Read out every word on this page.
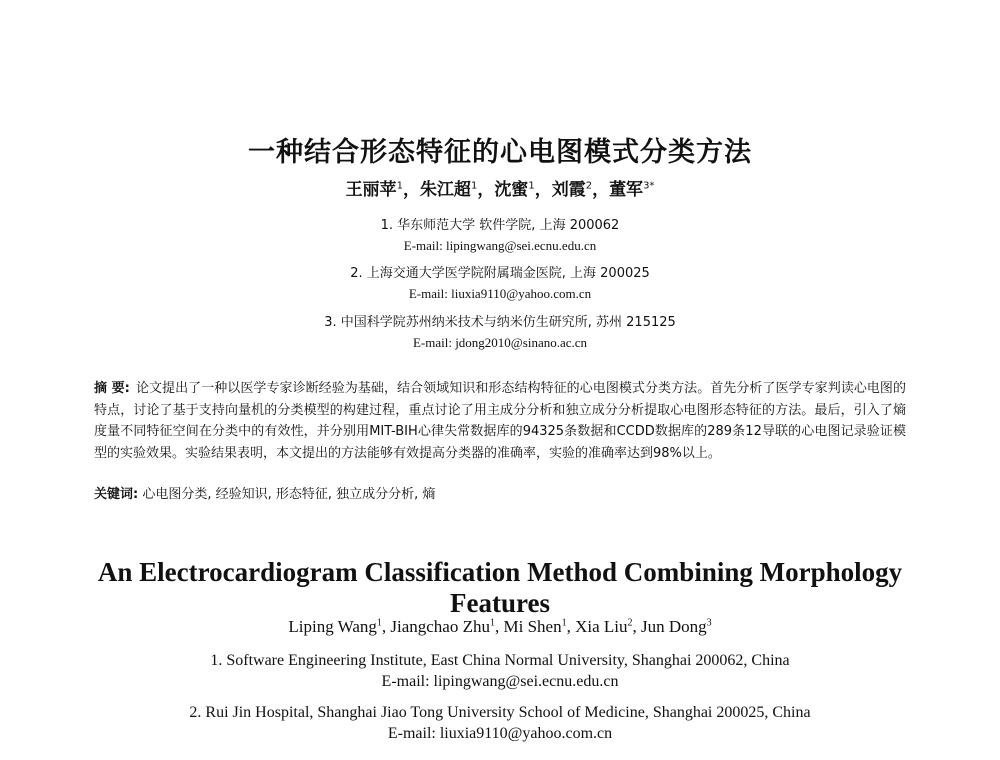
一种结合形态特征的心电图模式分类方法
王丽苹$^1$，朱江超$^1$，沈蜜$^1$，刘霞$^2$，董军$^{3*}$
1. 华东师范大学 软件学院, 上海 200062
E-mail: lipingwang@sei.ecnu.edu.cn
2. 上海交通大学医学院附属瑞金医院, 上海 200025
E-mail: liuxia9110@yahoo.com.cn
3. 中国科学院苏州纳米技术与纳米仿生研究所, 苏州 215125
E-mail: jdong2010@sinano.ac.cn
摘 要: 论文提出了一种以医学专家诊断经验为基础，结合领域知识和形态结构特征的心电图模式分类方法。首先分析了医学专家判读心电图的特点，讨论了基于支持向量机的分类模型的构建过程，重点讨论了用主成分分析和独立成分分析提取心电图形态特征的方法。最后，引入了熵度量不同特征空间在分类中的有效性，并分别用MIT-BIH心律失常数据库的94325条数据和CCDD数据库的289条12导联的心电图记录验证模型的实验效果。实验结果表明，本文提出的方法能够有效提高分类器的准确率，实验的准确率达到98%以上。
关键词: 心电图分类, 经验知识, 形态特征, 独立成分分析, 熵
An Electrocardiogram Classification Method Combining Morphology Features
Liping Wang$^1$, Jiangchao Zhu$^1$, Mi Shen$^1$, Xia Liu$^2$, Jun Dong$^3$
1. Software Engineering Institute, East China Normal University, Shanghai 200062, China
E-mail: lipingwang@sei.ecnu.edu.cn
2. Rui Jin Hospital, Shanghai Jiao Tong University School of Medicine, Shanghai 200025, China
E-mail: liuxia9110@yahoo.com.cn
